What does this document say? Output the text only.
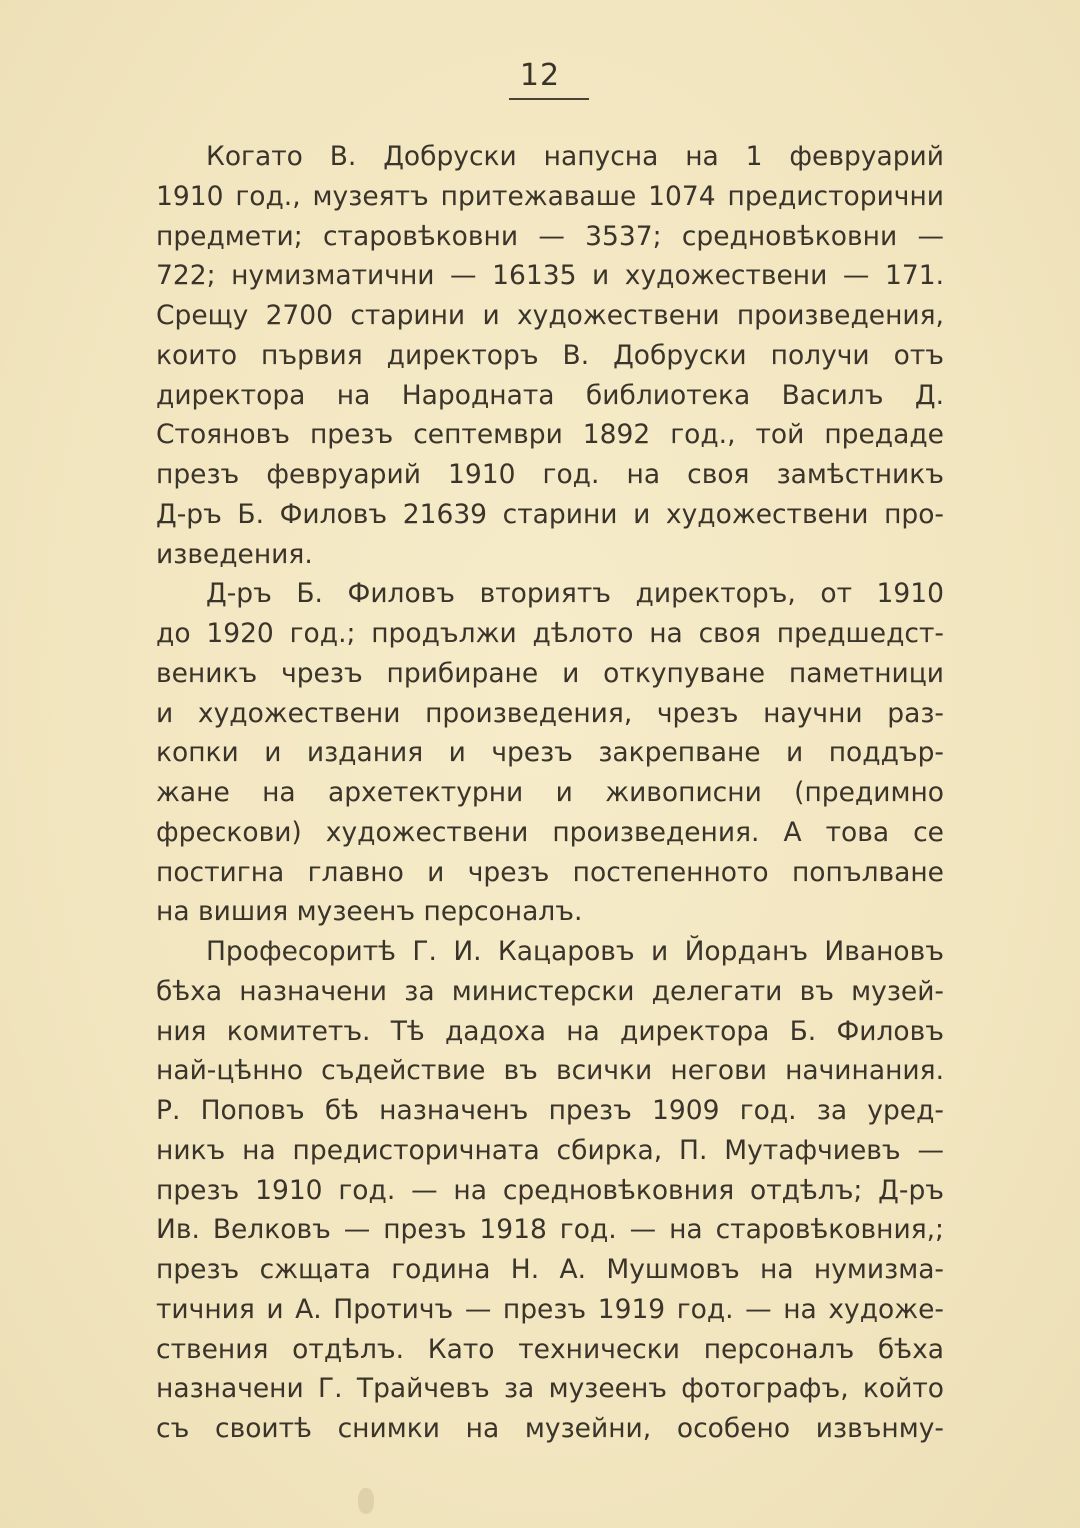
12
Когато В. Добруски напусна на 1 февруарий
1910 год., музеятъ притежаваше 1074 предисторични
предмети; старовѣковни — 3537; средновѣковни —
722; нумизматични — 16135 и художествени — 171.
Срещу 2700 старини и художествени произведения,
които първия директоръ В. Добруски получи отъ
директора на Народната библиотека Василъ Д.
Стояновъ презъ септември 1892 год., той предаде
презъ февруарий 1910 год. на своя замѣстникъ
Д-ръ Б. Филовъ 21639 старини и художествени про-
изведения.
Д-ръ Б. Филовъ вториятъ директоръ, от 1910
до 1920 год.; продължи дѣлото на своя предшедст-
веникъ чрезъ прибиране и откупуване паметници
и художествени произведения, чрезъ научни раз-
копки и издания и чрезъ закрепване и поддър-
жане на архетектурни и живописни (предимно
фрескови) художествени произведения. А това се
постигна главно и чрезъ постепенното попълване
на вишия музеенъ персоналъ.
Професоритѣ Г. И. Кацаровъ и Йорданъ Ивановъ
бѣха назначени за министерски делегати въ музей-
ния комитетъ. Тѣ дадоха на директора Б. Филовъ
най-цѣнно съдействие въ всички негови начинания.
Р. Поповъ бѣ назначенъ презъ 1909 год. за уред-
никъ на предисторичната сбирка, П. Мутафчиевъ —
презъ 1910 год. — на средновѣковния отдѣлъ; Д-ръ
Ив. Велковъ — презъ 1918 год. — на старовѣковния,;
презъ сжщата година Н. А. Мушмовъ на нумизма-
тичния и А. Протичъ — презъ 1919 год. — на художе-
ствения отдѣлъ. Като технически персоналъ бѣха
назначени Г. Трайчевъ за музеенъ фотографъ, който
съ своитѣ снимки на музейни, особено извънму-
